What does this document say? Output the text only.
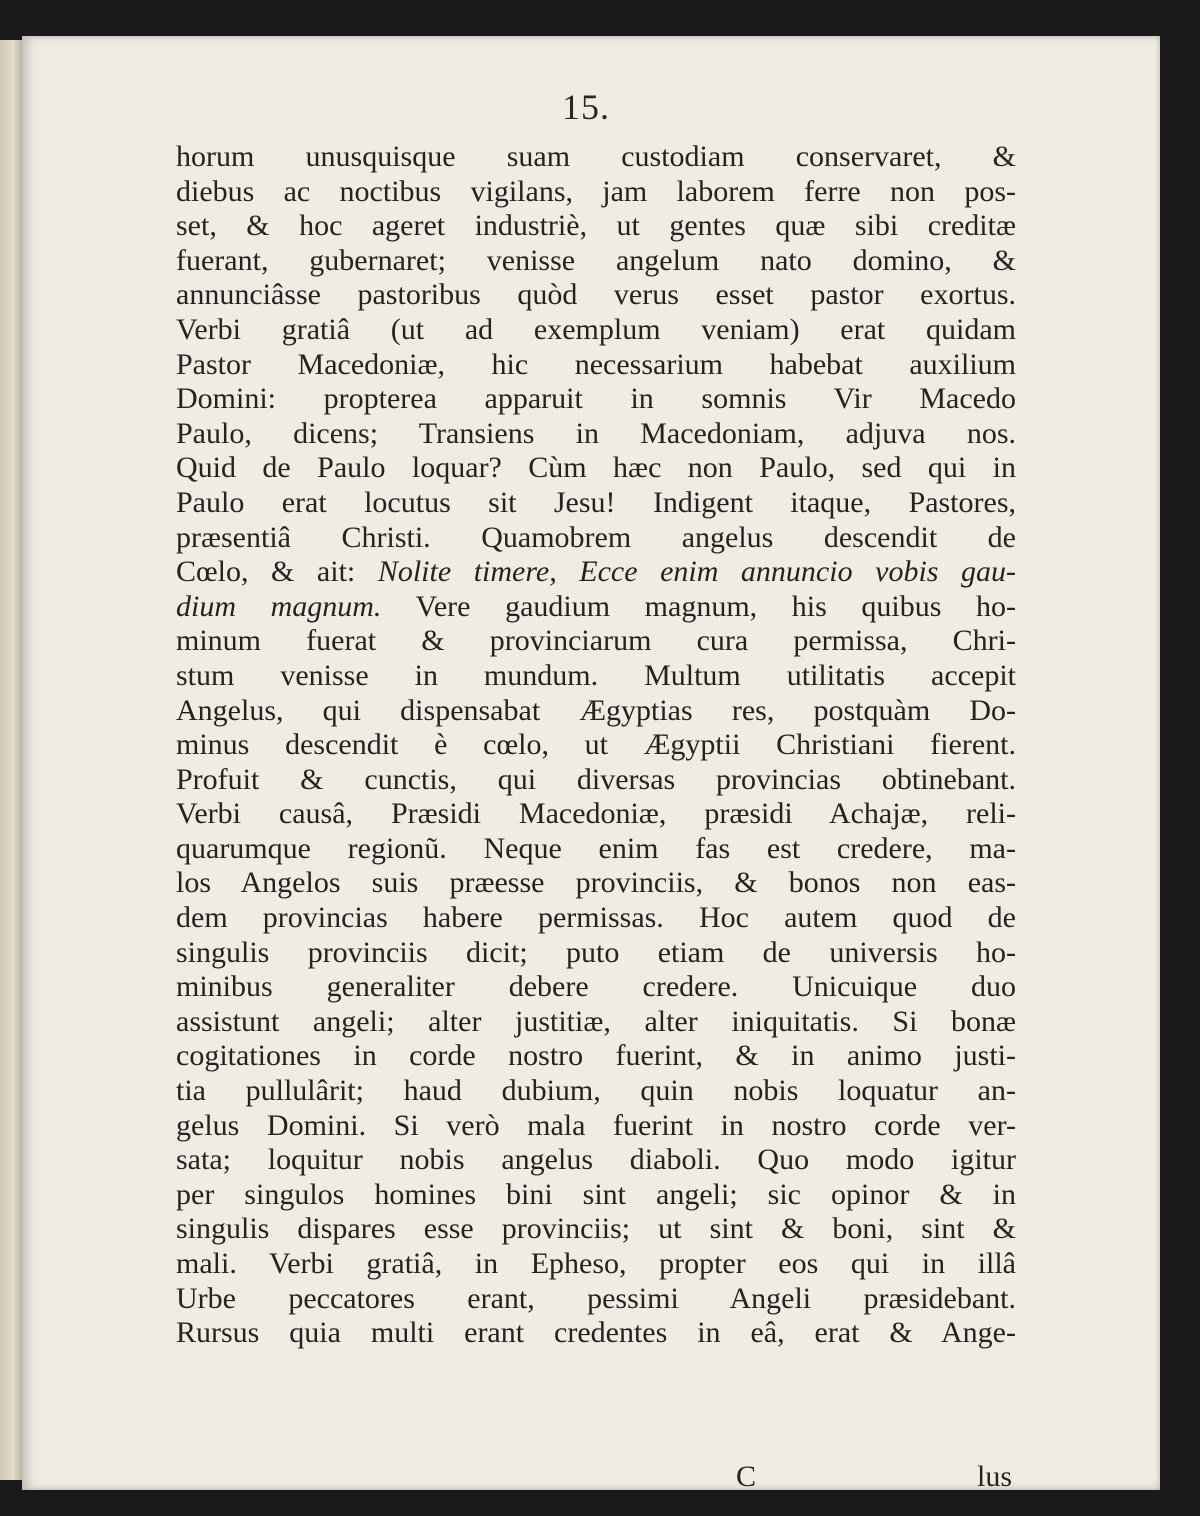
15.

horum unusquisque suam custodiam conservaret, &
diebus ac noctibus vigilans, jam laborem ferre non pos-
set, & hoc ageret industriè, ut gentes quæ sibi creditæ
fuerant, gubernaret; venisse angelum nato domino, &
annunciâsse pastoribus quòd verus esset pastor exortus.
Verbi gratiâ (ut ad exemplum veniam) erat quidam
Pastor Macedoniæ, hic necessarium habebat auxilium
Domini: propterea apparuit in somnis Vir Macedo
Paulo, dicens; Transiens in Macedoniam, adjuva nos.
Quid de Paulo loquar? Cùm hæc non Paulo, sed qui in
Paulo erat locutus sit Jesu! Indigent itaque, Pastores,
præsentiâ Christi. Quamobrem angelus descendit de
Cœlo, & ait: Nolite timere, Ecce enim annuncio vobis gau-
dium magnum. Vere gaudium magnum, his quibus ho-
minum fuerat & provinciarum cura permissa, Chri-
stum venisse in mundum. Multum utilitatis accepit
Angelus, qui dispensabat Ægyptias res, postquàm Do-
minus descendit è cœlo, ut Ægyptii Christiani fierent.
Profuit & cunctis, qui diversas provincias obtinebant.
Verbi causâ, Præsidi Macedoniæ, præsidi Achajæ, reli-
quarumque regionũ. Neque enim fas est credere, ma-
los Angelos suis præesse provinciis, & bonos non eas-
dem provincias habere permissas. Hoc autem quod de
singulis provinciis dicit; puto etiam de universis ho-
minibus generaliter debere credere. Unicuique duo
assistunt angeli; alter justitiæ, alter iniquitatis. Si bonæ
cogitationes in corde nostro fuerint, & in animo justi-
tia pullulârit; haud dubium, quin nobis loquatur an-
gelus Domini. Si verò mala fuerint in nostro corde ver-
sata; loquitur nobis angelus diaboli. Quo modo igitur
per singulos homines bini sint angeli; sic opinor & in
singulis dispares esse provinciis; ut sint & boni, sint &
mali. Verbi gratiâ, in Epheso, propter eos qui in illâ
Urbe peccatores erant, pessimi Angeli præsidebant.
Rursus quia multi erant credentes in eâ, erat & Ange-
C	lus
